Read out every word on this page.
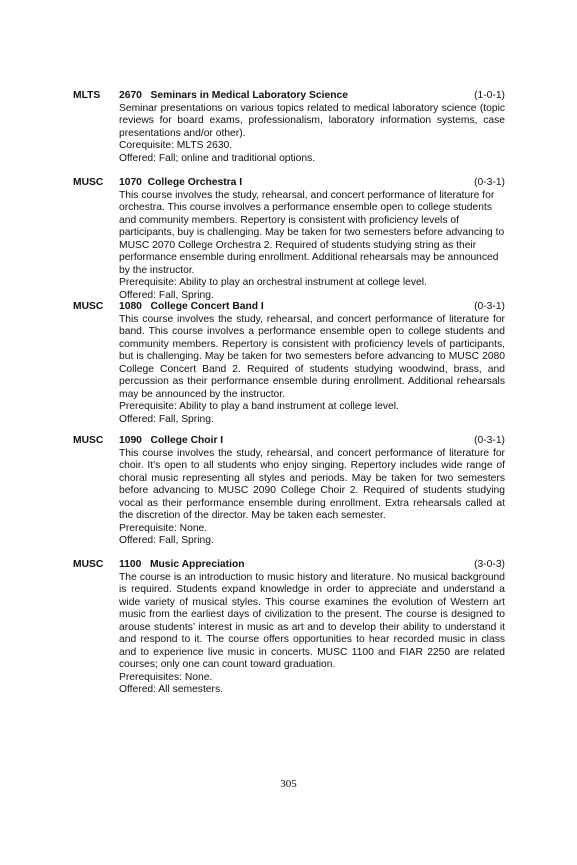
MLTS 2670 Seminars in Medical Laboratory Science	(1-0-1)

Seminar presentations on various topics related to medical laboratory science (topic reviews for board exams, professionalism, laboratory information systems, case presentations and/or other).

Corequisite: MLTS 2630.

Offered: Fall; online and traditional options.

MUSC 1070 College Orchestra I	(0-3-1)

This course involves the study, rehearsal, and concert performance of literature for orchestra. This course involves a performance ensemble open to college students and community members. Repertory is consistent with proficiency levels of participants, buy is challenging. May be taken for two semesters before advancing to MUSC 2070 College Orchestra 2. Required of students studying string as their performance ensemble during enrollment. Additional rehearsals may be announced by the instructor.

Prerequisite: Ability to play an orchestral instrument at college level.

Offered: Fall, Spring.

MUSC 1080 College Concert Band I	(0-3-1)

This course involves the study, rehearsal, and concert performance of literature for band. This course involves a performance ensemble open to college students and community members. Repertory is consistent with proficiency levels of participants, but is challenging. May be taken for two semesters before advancing to MUSC 2080 College Concert Band 2. Required of students studying woodwind, brass, and percussion as their performance ensemble during enrollment. Additional rehearsals may be announced by the instructor.

Prerequisite: Ability to play a band instrument at college level.

Offered: Fall, Spring.

MUSC 1090 College Choir I	(0-3-1)

This course involves the study, rehearsal, and concert performance of literature for choir. It’s open to all students who enjoy singing. Repertory includes wide range of choral music representing all styles and periods. May be taken for two semesters before advancing to MUSC 2090 College Choir 2. Required of students studying vocal as their performance ensemble during enrollment. Extra rehearsals called at the discretion of the director. May be taken each semester.

Prerequisite: None.

Offered: Fall, Spring.

MUSC 1100 Music Appreciation	(3-0-3)

The course is an introduction to music history and literature. No musical background is required. Students expand knowledge in order to appreciate and understand a wide variety of musical styles. This course examines the evolution of Western art music from the earliest days of civilization to the present. The course is designed to arouse students’ interest in music as art and to develop their ability to understand it and respond to it. The course offers opportunities to hear recorded music in class and to experience live music in concerts. MUSC 1100 and FIAR 2250 are related courses; only one can count toward graduation.

Prerequisites: None.

Offered: All semesters.

305
